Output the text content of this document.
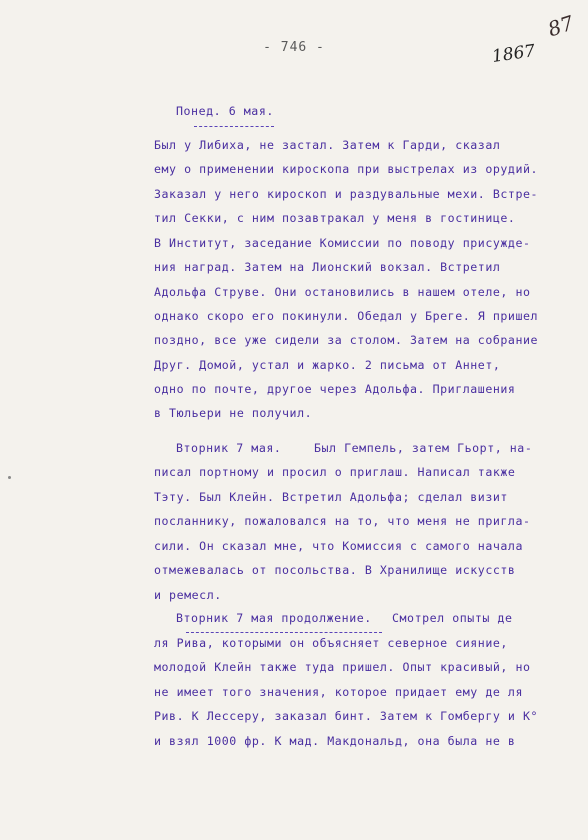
- 746 -
87
1867
Понед. 6 мая.
Был у Либиха, не застал. Затем к Гарди, сказал
ему о применении кироскопа при выстрелах из орудий.
Заказал у него кироскоп и раздувальные мехи. Встре-
тил Секки, с ним позавтракал у меня в гостинице.
В Институт, заседание Комиссии по поводу присужде-
ния наград. Затем на Лионский вокзал. Встретил
Адольфа Струве. Они остановились в нашем отеле, но
однако скоро его покинули. Обедал у Бреге. Я пришел
поздно, все уже сидели за столом. Затем на собрание
Друг. Домой, устал и жарко. 2 письма от Аннет,
одно по почте, другое через Адольфа. Приглашения
в Тюльери не получил.
Вторник 7 мая.	Был Гемпель, затем Гьорт, на-
писал портному и просил о приглаш. Написал также
Тэту. Был Клейн. Встретил Адольфа; сделал визит
посланнику, пожаловался на то, что меня не пригла-
сили. Он сказал мне, что Комиссия с самого начала
отмежевалась от посольства. В Хранилище искусств
и ремесл.
Вторник 7 мая продолжение. Смотрел опыты де
ля Рива, которыми он объясняет северное сияние,
молодой Клейн также туда пришел. Опыт красивый, но
не имеет того значения, которое придает ему де ля
Рив. К Лессеру, заказал бинт. Затем к Гомбергу и К°
и взял 1000 фр. К мад. Макдональд, она была не в
